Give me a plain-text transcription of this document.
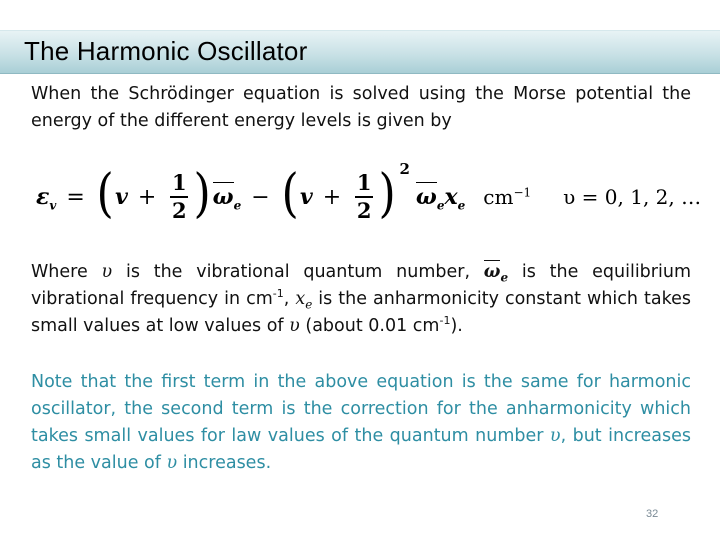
The Harmonic Oscillator

When the Schrödinger equation is solved using the Morse potential the energy of the different energy levels is given by

$\varepsilon_v$ = ( $v + \frac{1}{2}$ ) $\omega_e$ − ( $v + \frac{1}{2}$ ) 2
$\omega_ex_e$ $cm^{-1}$ υ = 0, 1, 2, …

Where υ is the vibrational quantum number, $\omega_e$ is the equilibrium vibrational frequency in $cm^{-1}$, $x_e$ is the anharmonicity constant which takes small values at low values of υ (about 0.01 $cm^{-1}$).

Note that the first term in the above equation is the same for harmonic oscillator, the second term is the correction for the anharmonicity which takes small values for law values of the quantum number υ, but increases as the value of υ increases.

32
